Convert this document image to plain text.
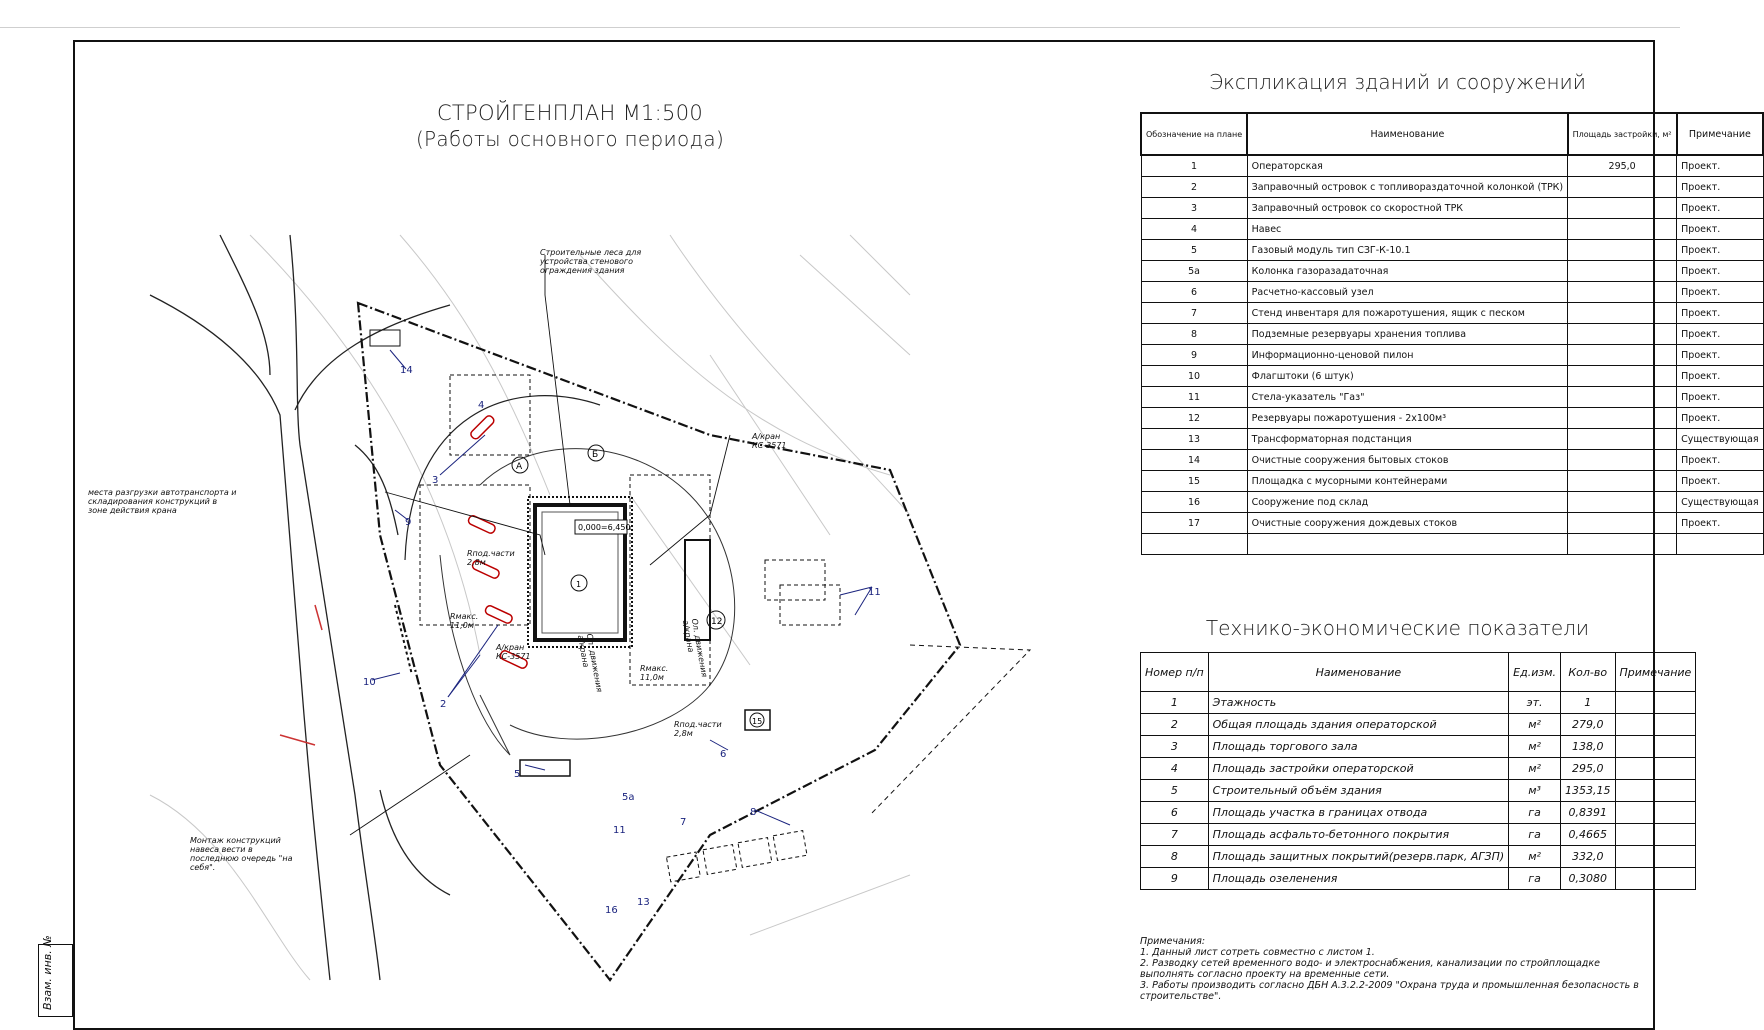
СТРОЙГЕНПЛАН М1:500
(Работы основного периода)
0,000=6,450
12
15
А
Б
1
2
3
4
5
5а
6
7
8
9
10
11
11
13
14
16
Строительные леса для устройства стенового ограждения здания
места разгрузки автотранспорта и складирования конструкций в зоне действия крана
Монтаж конструкций навеса вести в последнюю очередь "на себя".
А/кран КС-3571
А/кран КС-3571
Rмакс. 11,0м
Rмакс. 11,0м
Rпод.части 2,8м
Rпод.части 2,8м
Ол. движения а/крана	Ол. движения а/крана
Экспликация зданий и сооружений
Обозначение на плане	Наименование	Площадь застройки, м²	Примечание
1	Операторская	295,0	Проект.
2	Заправочный островок с топливораздаточной колонкой (ТРК)		Проект.
3	Заправочный островок со скоростной ТРК		Проект.
4	Навес		Проект.
5	Газовый модуль тип СЗГ-К-10.1		Проект.
5а	Колонка газоразадаточная		Проект.
6	Расчетно-кассовый узел		Проект.
7	Стенд инвентаря для пожаротушения, ящик с песком		Проект.
8	Подземные резервуары хранения топлива		Проект.
9	Информационно-ценовой пилон		Проект.
10	Флагштоки (6 штук)		Проект.
11	Стела-указатель "Газ"		Проект.
12	Резервуары пожаротушения - 2х100м³		Проект.
13	Трансформаторная подстанция		Существующая
14	Очистные сооружения бытовых стоков		Проект.
15	Площадка с мусорными контейнерами		Проект.
16	Сооружение под склад		Существующая
17	Очистные сооружения дождевых стоков		Проект.

Технико-экономические показатели
Номер п/п	Наименование	Ед.изм.	Кол-во	Примечание
1	Этажность	эт.	1	
2	Общая площадь здания операторской	м²	279,0	
3	Площадь торгового зала	м²	138,0	
4	Площадь застройки операторской	м²	295,0	
5	Строительный объём здания	м³	1353,15	
6	Площадь участка в границах отвода	га	0,8391	
7	Площадь асфальто-бетонного покрытия	га	0,4665	
8	Площадь защитных покрытий(резерв.парк, АГЗП)	м²	332,0	
9	Площадь озеленения	га	0,3080	
Примечания:
1. Данный лист сотреть совместно с листом 1.
2. Разводку сетей временного водо- и электроснабжения, канализации по стройплощадке выполнять согласно проекту на временные сети.
3. Работы производить согласно ДБН А.3.2.2-2009 "Охрана труда и промышленная безопасность в строительстве".
Взам. инв. №
